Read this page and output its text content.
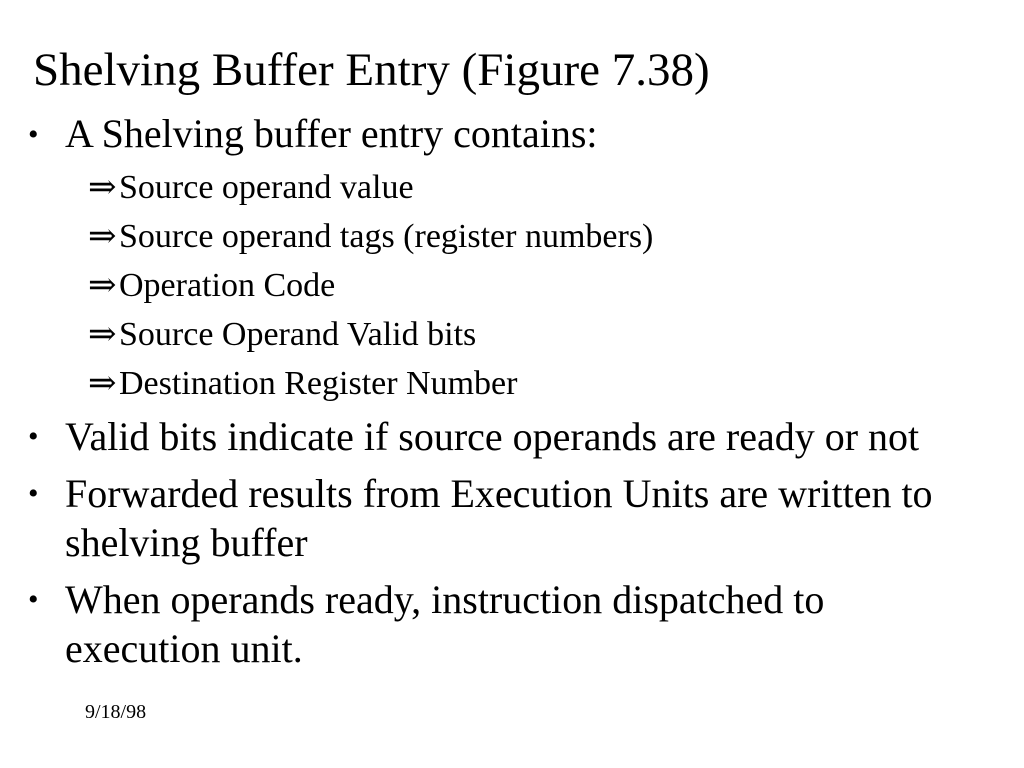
Shelving Buffer Entry (Figure 7.38)
• A Shelving buffer entry contains:
⇒ Source operand value
⇒ Source operand tags (register numbers)
⇒ Operation Code
⇒ Source Operand Valid bits
⇒ Destination Register Number
• Valid bits indicate if source operands are ready or not
• Forwarded results from Execution Units are written to shelving buffer
• When operands ready, instruction dispatched to execution unit.
9/18/98
